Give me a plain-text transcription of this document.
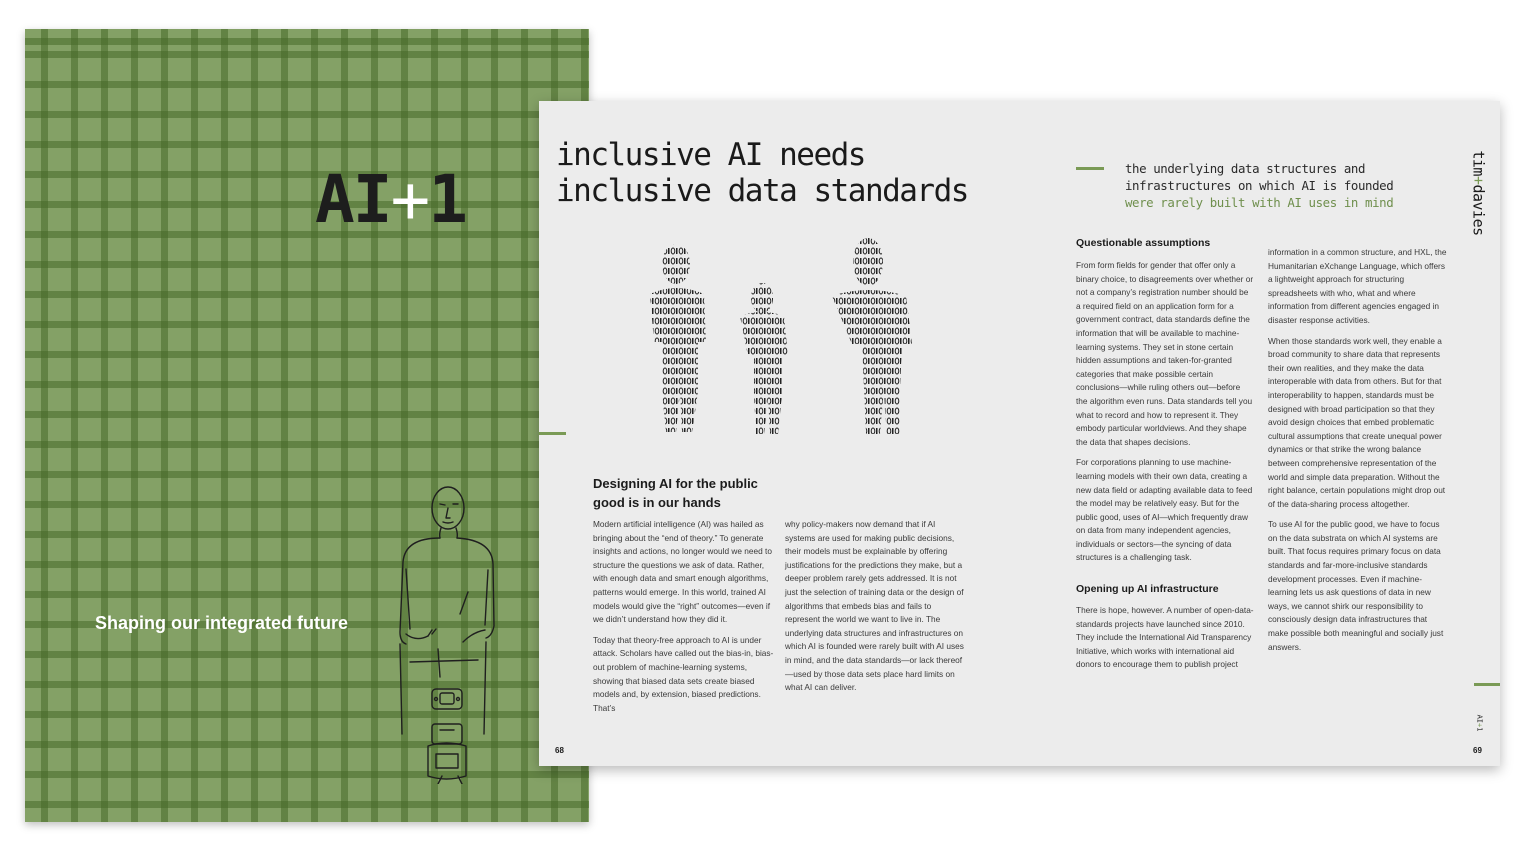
AI+1

Shaping our integrated future

inclusive AI needs
inclusive data standards
Designing AI for the public
good is in our hands

Modern artificial intelligence (AI) was hailed as bringing about the “end of theory.” To generate insights and actions, no longer would we need to structure the questions we ask of data. Rather, with enough data and smart enough algorithms, patterns would emerge. In this world, trained AI models would give the “right” outcomes—even if we didn’t understand how they did it.

Today that theory-free approach to AI is under attack. Scholars have called out the bias-in, bias-out problem of machine-learning systems, showing that biased data sets create biased models and, by extension, biased predictions. That’s

why policy-makers now demand that if AI systems are used for making public decisions, their models must be explainable by offering justifications for the predictions they make, but a deeper problem rarely gets addressed. It is not just the selection of training data or the design of algorithms that embeds bias and fails to represent the world we want to live in. The underlying data structures and infrastructures on which AI is founded were rarely built with AI uses in mind, and the data standards—or lack thereof—used by those data sets place hard limits on what AI can deliver.

the underlying data structures and
infrastructures on which AI is founded
were rarely built with AI uses in mind
Questionable assumptions

From form fields for gender that offer only a binary choice, to disagreements over whether or not a company’s registration number should be a required field on an application form for a government contract, data standards define the information that will be available to machine-learning systems. They set in stone certain hidden assumptions and taken-for-granted categories that make possible certain conclusions—while ruling others out—before the algorithm even runs. Data standards tell you what to record and how to represent it. They embody particular worldviews. And they shape the data that shapes decisions.

For corporations planning to use machine-learning models with their own data, creating a new data field or adapting available data to feed the model may be relatively easy. But for the public good, uses of AI—which frequently draw on data from many independent agencies, individuals or sectors—the syncing of data structures is a challenging task.

Opening up AI infrastructure

There is hope, however. A number of open-data-standards projects have launched since 2010. They include the International Aid Transparency Initiative, which works with international aid donors to encourage them to publish project

information in a common structure, and HXL, the Humanitarian eXchange Language, which offers a lightweight approach for structuring spreadsheets with who, what and where information from different agencies engaged in disaster response activities.

When those standards work well, they enable a broad community to share data that represents their own realities, and they make the data interoperable with data from others. But for that interoperability to happen, standards must be designed with broad participation so that they avoid design choices that embed problematic cultural assumptions that create unequal power dynamics or that strike the wrong balance between comprehensive representation of the world and simple data preparation. Without the right balance, certain populations might drop out of the data-sharing process altogether.

To use AI for the public good, we have to focus on the data substrata on which AI systems are built. That focus requires primary focus on data standards and far-more-inclusive standards development processes. Even if machine-learning lets us ask questions of data in new ways, we cannot shirk our responsibility to consciously design data infrastructures that make possible both meaningful and socially just answers.

tim+davies
AI+1

68	69
